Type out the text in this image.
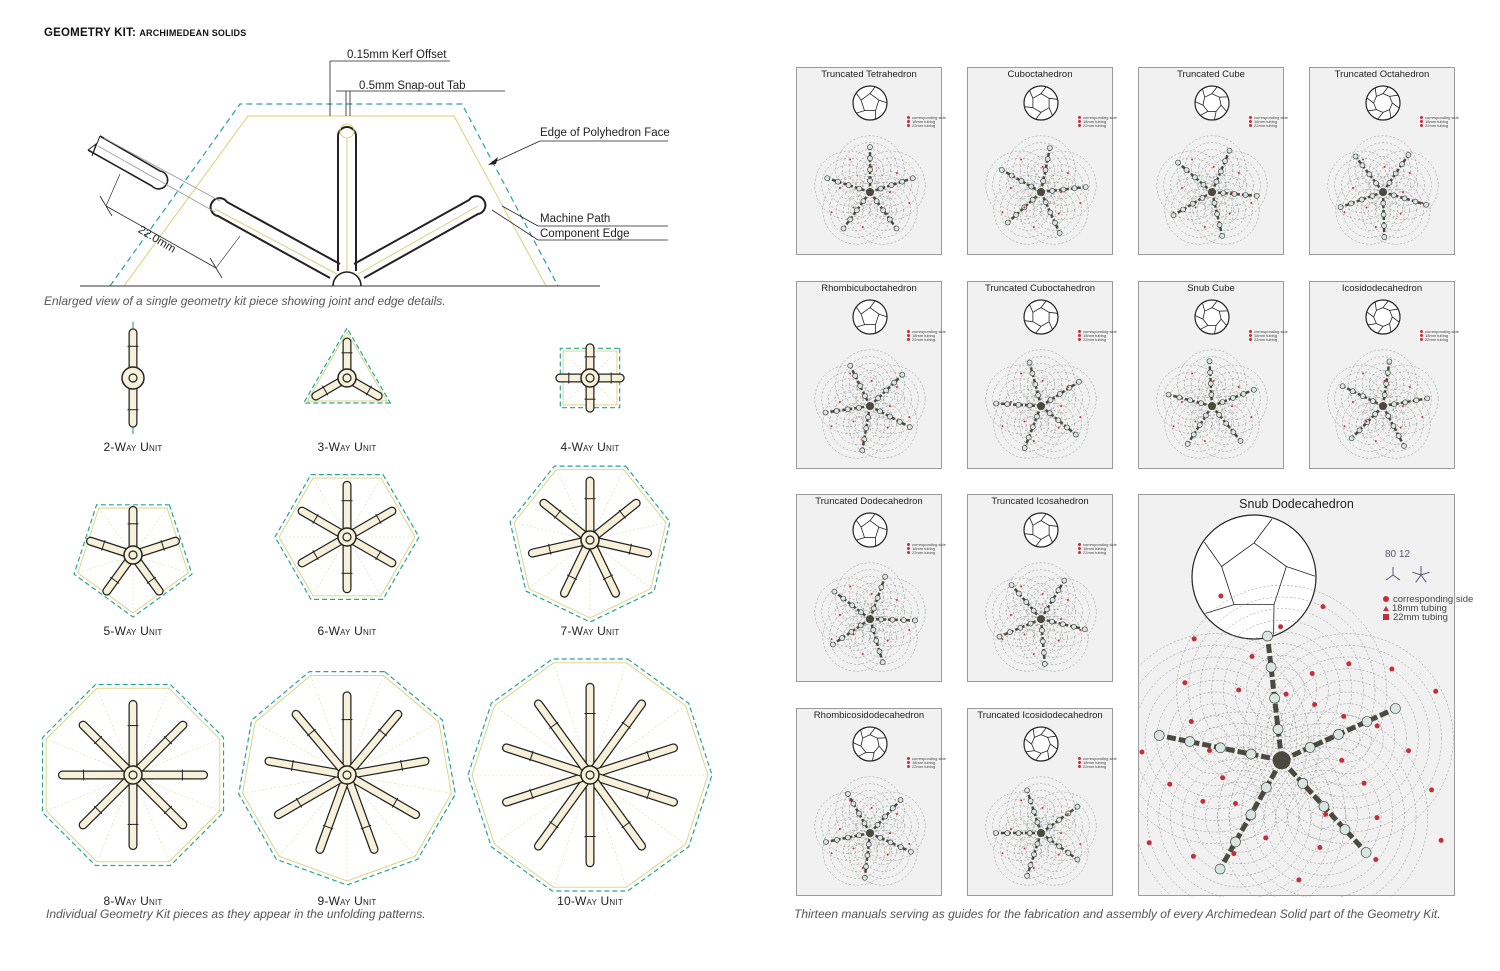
GEOMETRY KIT: ARCHIMEDEAN SOLIDS
0.15mm Kerf Offset
0.5mm Snap-out Tab
Edge of Polyhedron Face
Machine Path
Component Edge
22.0mm
Enlarged view of a single geometry kit piece showing joint and edge details.
2-Way Unit	3-Way Unit	4-Way Unit
5-Way Unit	6-Way Unit	7-Way Unit
8-Way Unit	9-Way Unit	10-Way Unit
Individual Geometry Kit pieces as they appear in the unfolding patterns.
Truncated Tetrahedron
corresponding side
18mm tubing
22mm tubing
Cuboctahedron
corresponding side
18mm tubing
22mm tubing
Truncated Cube
corresponding side
18mm tubing
22mm tubing
Truncated Octahedron
corresponding side
18mm tubing
22mm tubing
Rhombicuboctahedron
corresponding side
18mm tubing
22mm tubing
Truncated Cuboctahedron
corresponding side
18mm tubing
22mm tubing
Snub Cube
corresponding side
18mm tubing
22mm tubing
Icosidodecahedron
corresponding side
18mm tubing
22mm tubing
Truncated Dodecahedron
corresponding side
18mm tubing
22mm tubing
Truncated Icosahedron
corresponding side
18mm tubing
22mm tubing
Rhombicosidodecahedron
corresponding side
18mm tubing
22mm tubing
Truncated Icosidodecahedron
corresponding side
18mm tubing
22mm tubing
Snub Dodecahedron
corresponding side
18mm tubing
22mm tubing
80 12
Thirteen manuals serving as guides for the fabrication and assembly of every Archimedean Solid part of the Geometry Kit.
